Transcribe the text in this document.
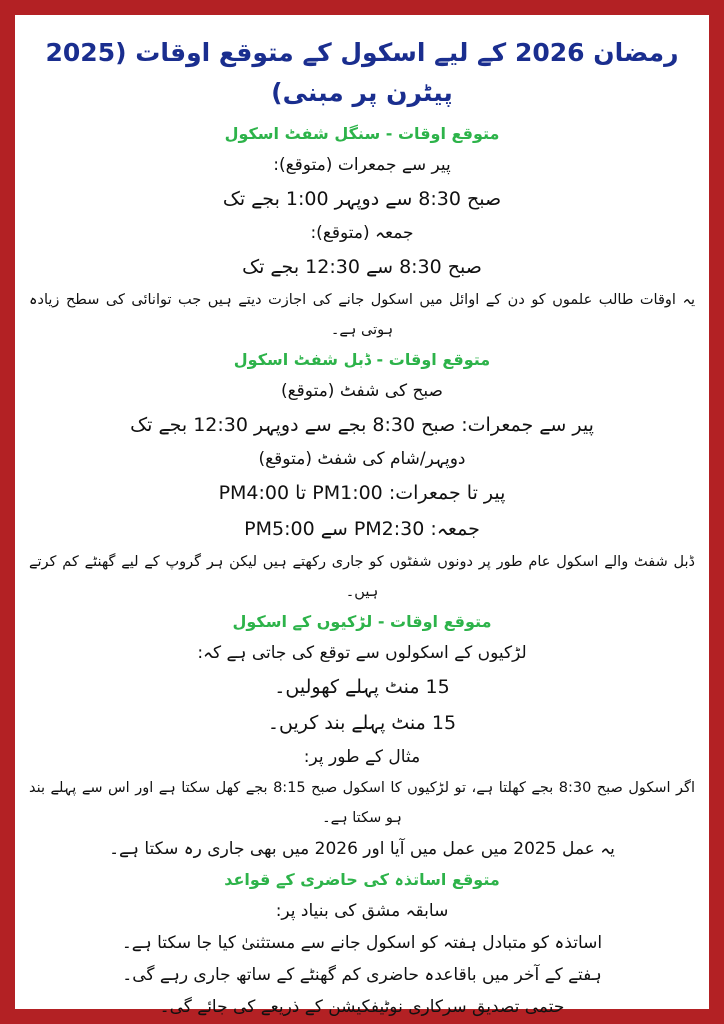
رمضان 2026 کے لیے اسکول کے متوقع اوقات (2025 پیٹرن پر مبنی)
متوقع اوقات - سنگل شفٹ اسکول
پیر سے جمعرات (متوقع):
صبح 8:30 سے دوپہر 1:00 بجے تک
جمعہ (متوقع):
صبح 8:30 سے 12:30 بجے تک
یہ اوقات طالب علموں کو دن کے اوائل میں اسکول جانے کی اجازت دیتے ہیں جب توانائی کی سطح زیادہ ہوتی ہے۔
متوقع اوقات - ڈبل شفٹ اسکول
صبح کی شفٹ (متوقع)
پیر سے جمعرات: صبح 8:30 بجے سے دوپہر 12:30 بجے تک
دوپہر/شام کی شفٹ (متوقع)
پیر تا جمعرات: PM1:00 تا PM4:00
جمعہ: PM2:30 سے PM5:00
ڈبل شفٹ والے اسکول عام طور پر دونوں شفٹوں کو جاری رکھتے ہیں لیکن ہر گروپ کے لیے گھنٹے کم کرتے ہیں۔
متوقع اوقات - لڑکیوں کے اسکول
لڑکیوں کے اسکولوں سے توقع کی جاتی ہے کہ:
15 منٹ پہلے کھولیں۔
15 منٹ پہلے بند کریں۔
مثال کے طور پر:
اگر اسکول صبح 8:30 بجے کھلتا ہے، تو لڑکیوں کا اسکول صبح 8:15 بجے کھل سکتا ہے اور اس سے پہلے بند ہو سکتا ہے۔
یہ عمل 2025 میں عمل میں آیا اور 2026 میں بھی جاری رہ سکتا ہے۔
متوقع اساتذہ کی حاضری کے قواعد
سابقہ مشق کی بنیاد پر:
اساتذہ کو متبادل ہفتہ کو اسکول جانے سے مستثنیٰ کیا جا سکتا ہے۔
ہفتے کے آخر میں باقاعدہ حاضری کم گھنٹے کے ساتھ جاری رہے گی۔
حتمی تصدیق سرکاری نوٹیفکیشن کے ذریعے کی جائے گی۔
